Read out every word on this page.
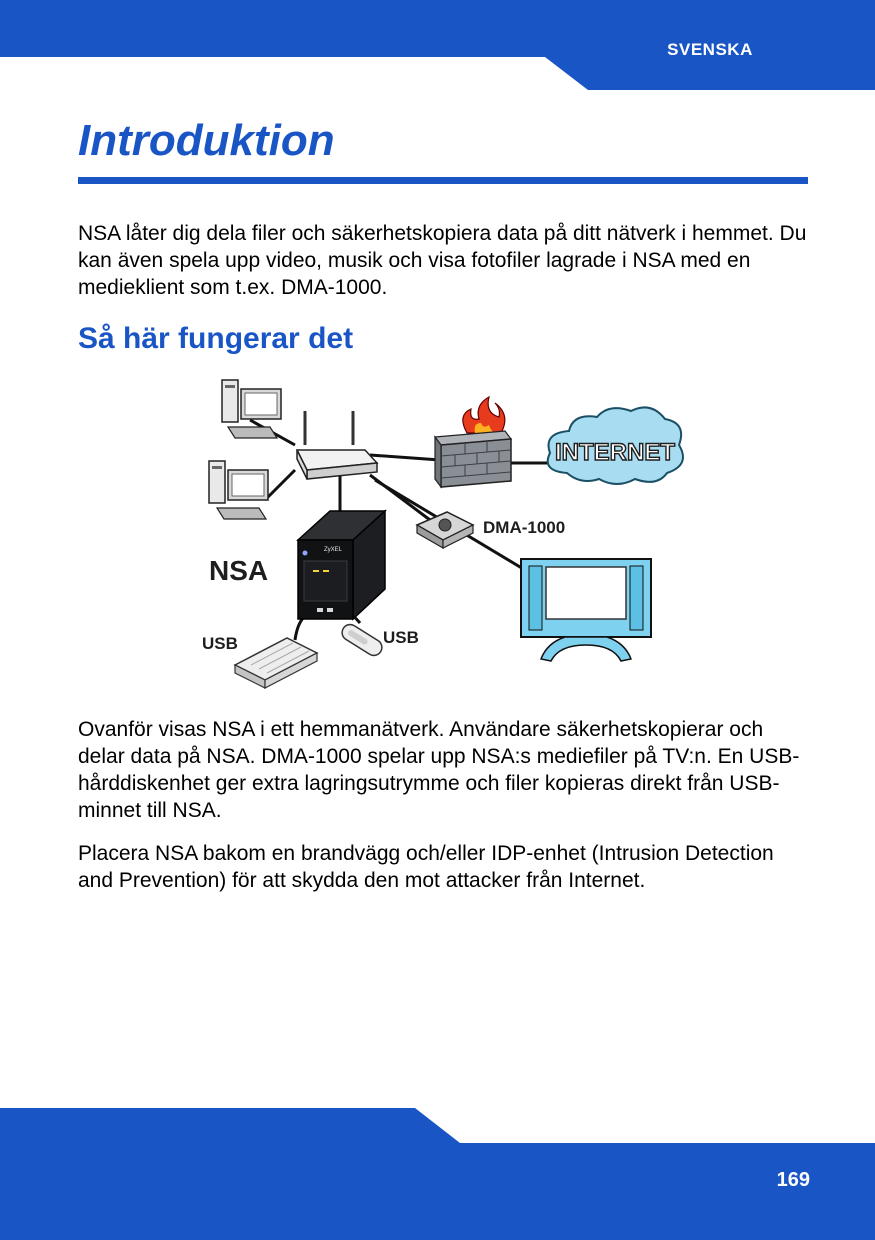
SVENSKA
Introduktion

NSA låter dig dela filer och säkerhetskopiera data på ditt nätverk i hemmet. Du kan även spela upp video, musik och visa fotofiler lagrade i NSA med en medieklient som t.ex. DMA-1000.

Så här fungerar det
INTERNET
DMA-1000
ZyXEL
NSA
USB	USB

Ovanför visas NSA i ett hemmanätverk. Användare säkerhetskopierar och delar data på NSA. DMA-1000 spelar upp NSA:s mediefiler på TV:n. En USB-hårddiskenhet ger extra lagringsutrymme och filer kopieras direkt från USB-minnet till NSA.

Placera NSA bakom en brandvägg och/eller IDP-enhet (Intrusion Detection and Prevention) för att skydda den mot attacker från Internet.

169
